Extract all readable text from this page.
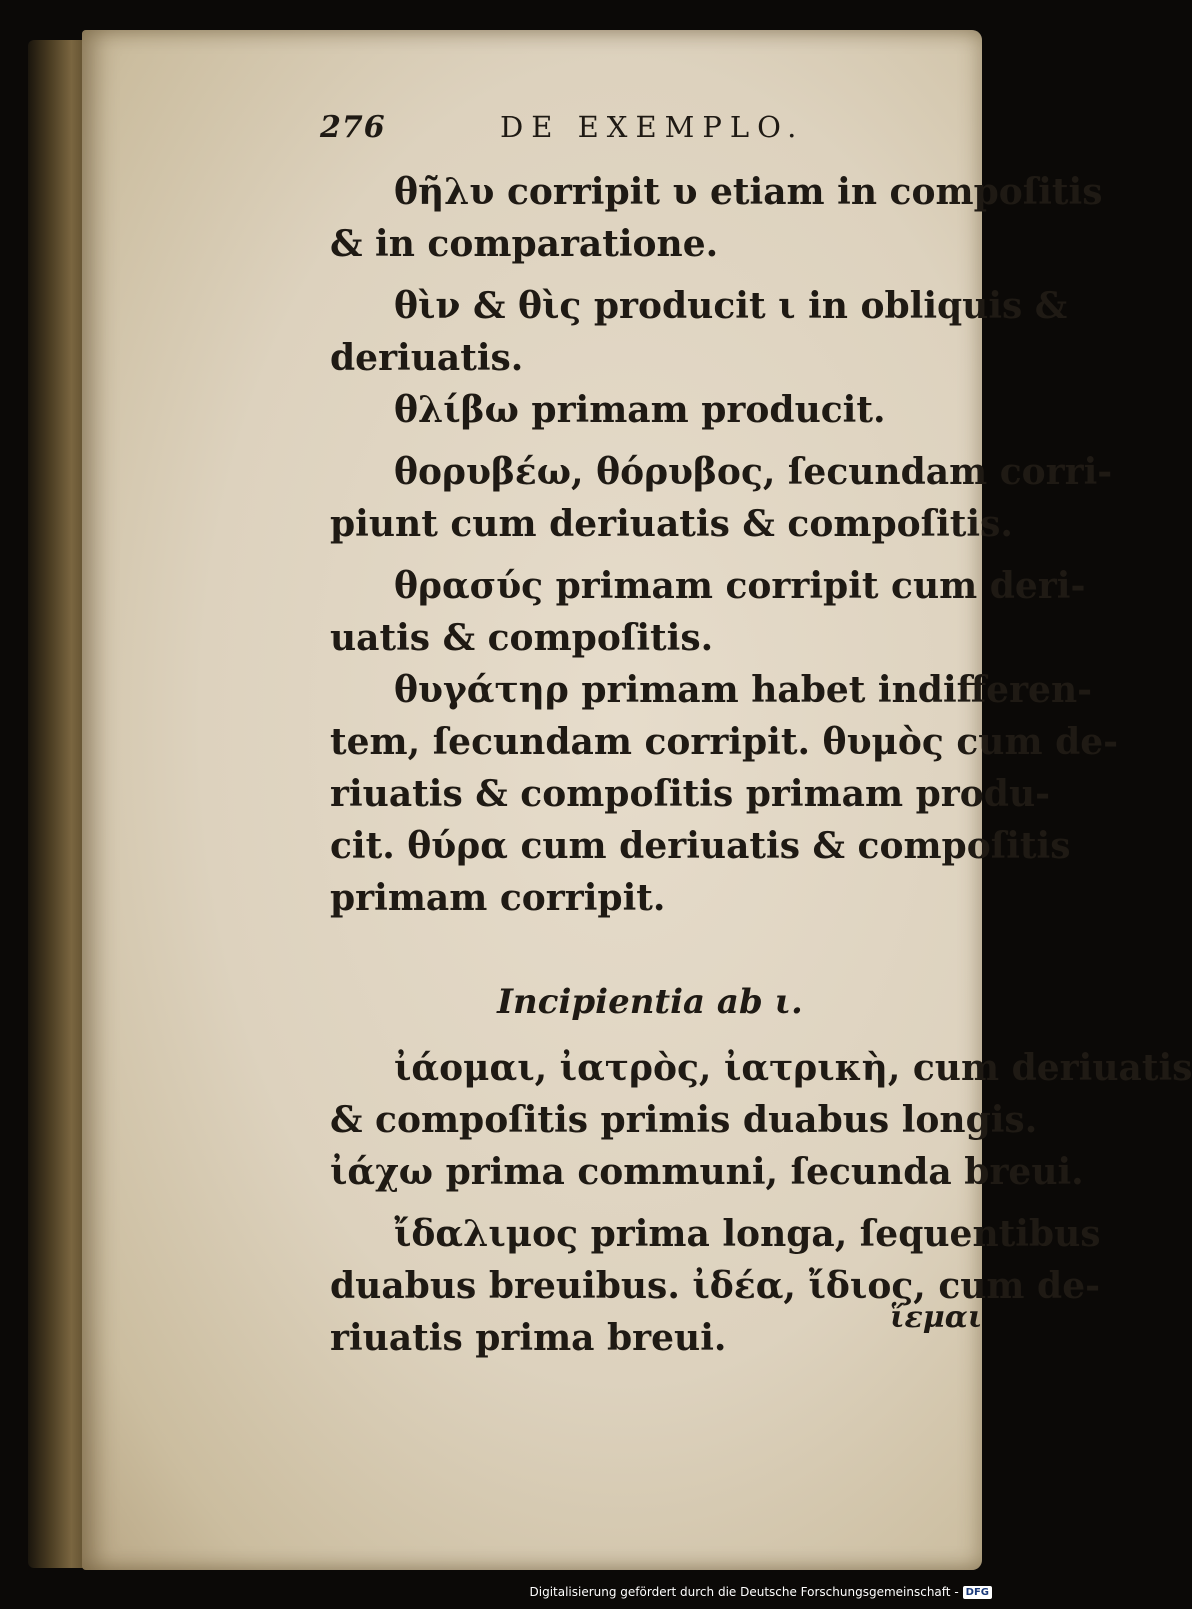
276	DE EXEMPLO.
θῆλυ corripit υ etiam in compoſitis
& in comparatione.
θὶν & θὶς producit ι in obliquis &
deriuatis.
θλίβω primam producit.
θορυβέω, θόρυβος, ſecundam corri-
piunt cum deriuatis & compoſitis.
θρασύς primam corripit cum deri-
uatis & compoſitis.
θυγάτηρ primam habet indifferen-
tem, ſecundam corripit. θυμὸς cum de-
riuatis & compoſitis primam produ-
cit. θύρα cum deriuatis & compoſitis
primam corripit.
Incipientia ab ι.
ἰάομαι, ἰατρὸς, ἰατρικὴ, cum deriuatis
& compoſitis primis duabus longis.
ἰάχω prima communi, ſecunda breui.
ἴδαλιμος prima longa, ſequentibus
duabus breuibus. ἰδέα, ἴδιος, cum de-
riuatis prima breui.	ἵεμαι
Digitalisierung gefördert durch die Deutsche Forschungsgemeinschaft - DFG
